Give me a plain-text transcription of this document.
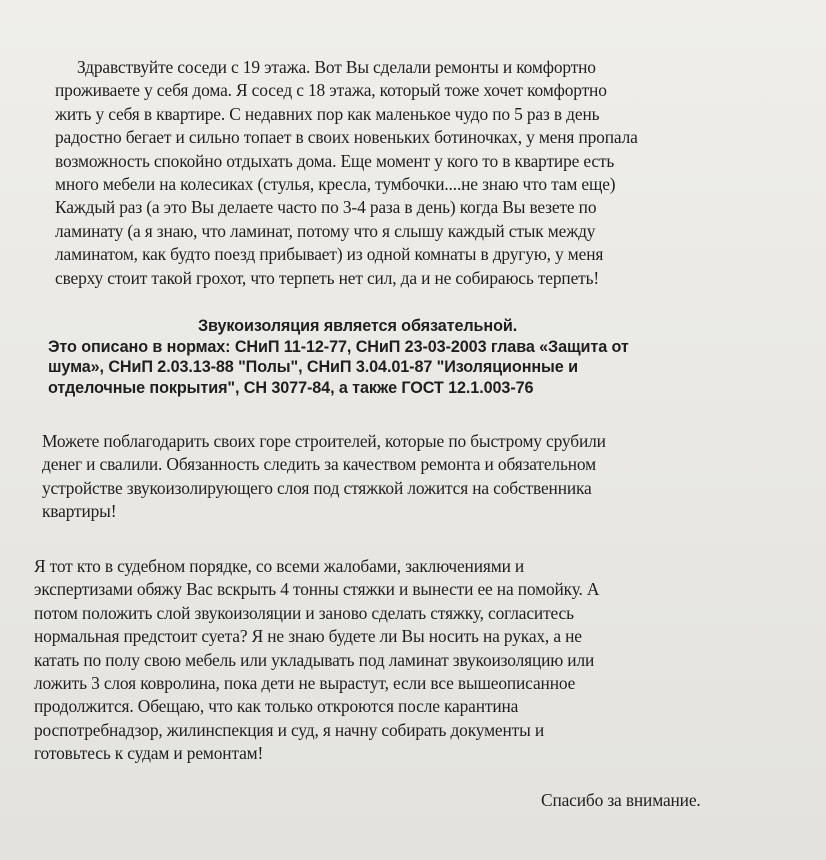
Здравствуйте соседи с 19 этажа. Вот Вы сделали ремонты и комфортно
проживаете у себя дома. Я сосед с 18 этажа, который тоже хочет комфортно
жить у себя в квартире. С недавних пор как маленькое чудо по 5 раз в день
радостно бегает и сильно топает в своих новеньких ботиночках, у меня пропала
возможность спокойно отдыхать дома. Еще момент у кого то в квартире есть
много мебели на колесиках (стулья, кресла, тумбочки....не знаю что там еще)
Каждый раз (а это Вы делаете часто по 3-4 раза в день) когда Вы везете по
ламинату (а я знаю, что ламинат, потому что я слышу каждый стык между
ламинатом, как будто поезд прибывает) из одной комнаты в другую, у меня
сверху стоит такой грохот, что терпеть нет сил, да и не собираюсь терпеть!
Звукоизоляция является обязательной.
Это описано в нормах: СНиП 11-12-77, СНиП 23-03-2003 глава «Защита от
шума», СНиП 2.03.13-88 "Полы", СНиП 3.04.01-87 "Изоляционные и
отделочные покрытия", СН 3077-84, а также ГОСТ 12.1.003-76
Можете поблагодарить своих горе строителей, которые по быстрому срубили
денег и свалили. Обязанность следить за качеством ремонта и обязательном
устройстве звукоизолирующего слоя под стяжкой ложится на собственника
квартиры!
Я тот кто в судебном порядке, со всеми жалобами, заключениями и
экспертизами обяжу Вас вскрыть 4 тонны стяжки и вынести ее на помойку. А
потом положить слой звукоизоляции и заново сделать стяжку, согласитесь
нормальная предстоит суета? Я не знаю будете ли Вы носить на руках, а не
катать по полу свою мебель или укладывать под ламинат звукоизоляцию или
ложить 3 слоя ковролина, пока дети не вырастут, если все вышеописанное
продолжится. Обещаю, что как только откроются после карантина
роспотребнадзор, жилинспекция и суд, я начну собирать документы и
готовьтесь к судам и ремонтам!
Спасибо за внимание.
